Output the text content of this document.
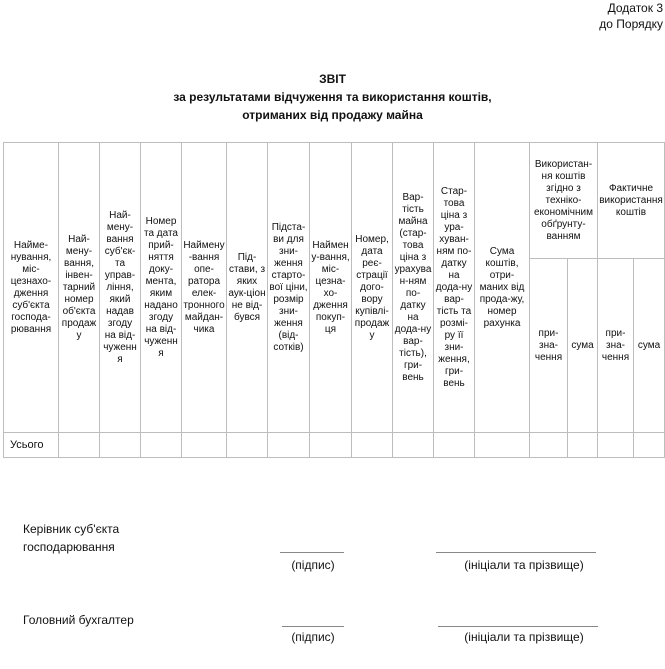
Додаток 3
до Порядку
ЗВІТ
за результатами відчуження та використання коштів,
отриманих від продажу майна
Найме-нування, міс-цезнахо-дження суб'єкта господа-рювання	Най-мену-вання, інвен-тарний номер об'єкта продажу	Най-мену-вання суб'єк-та управ-ління, який надав згоду на від-чуження	Номер та дата прий-няття доку-мента, яким надано згоду на від-чуження	Наймену-вання опе-ратора елек-тронного майдан-чика	Під-стави, з яких аук-ціон не від-бувся	Підста-ви для зни-ження старто-вої ціни, розмір зни-ження (від-сотків)	Наймену-вання, міс-цезна-хо-дження покуп-ця	Номер, дата реє-страції дого-вору купівлі-продажу	Вар-тість майна (стар-това ціна з урахуван-ням по-датку на дода-ну вар-тість), гри-вень	Стар-това ціна з ура-хуван-ням по-датку на дода-ну вар-тість та розмі-ру її зни-ження, гри-вень	Сума коштів, отри-маних від прода-жу, номер рахунка	Використан-ня коштів згідно з техніко-економічним обґрунту-ванням		Фактичне використання коштів	
												при-зна-чення	сума	при-зна-чення	сума
Усього															
Керівник суб'єкта
господарювання
(підпис)	(ініціали та прізвище)
Головний бухгалтер
(підпис)	(ініціали та прізвище)
